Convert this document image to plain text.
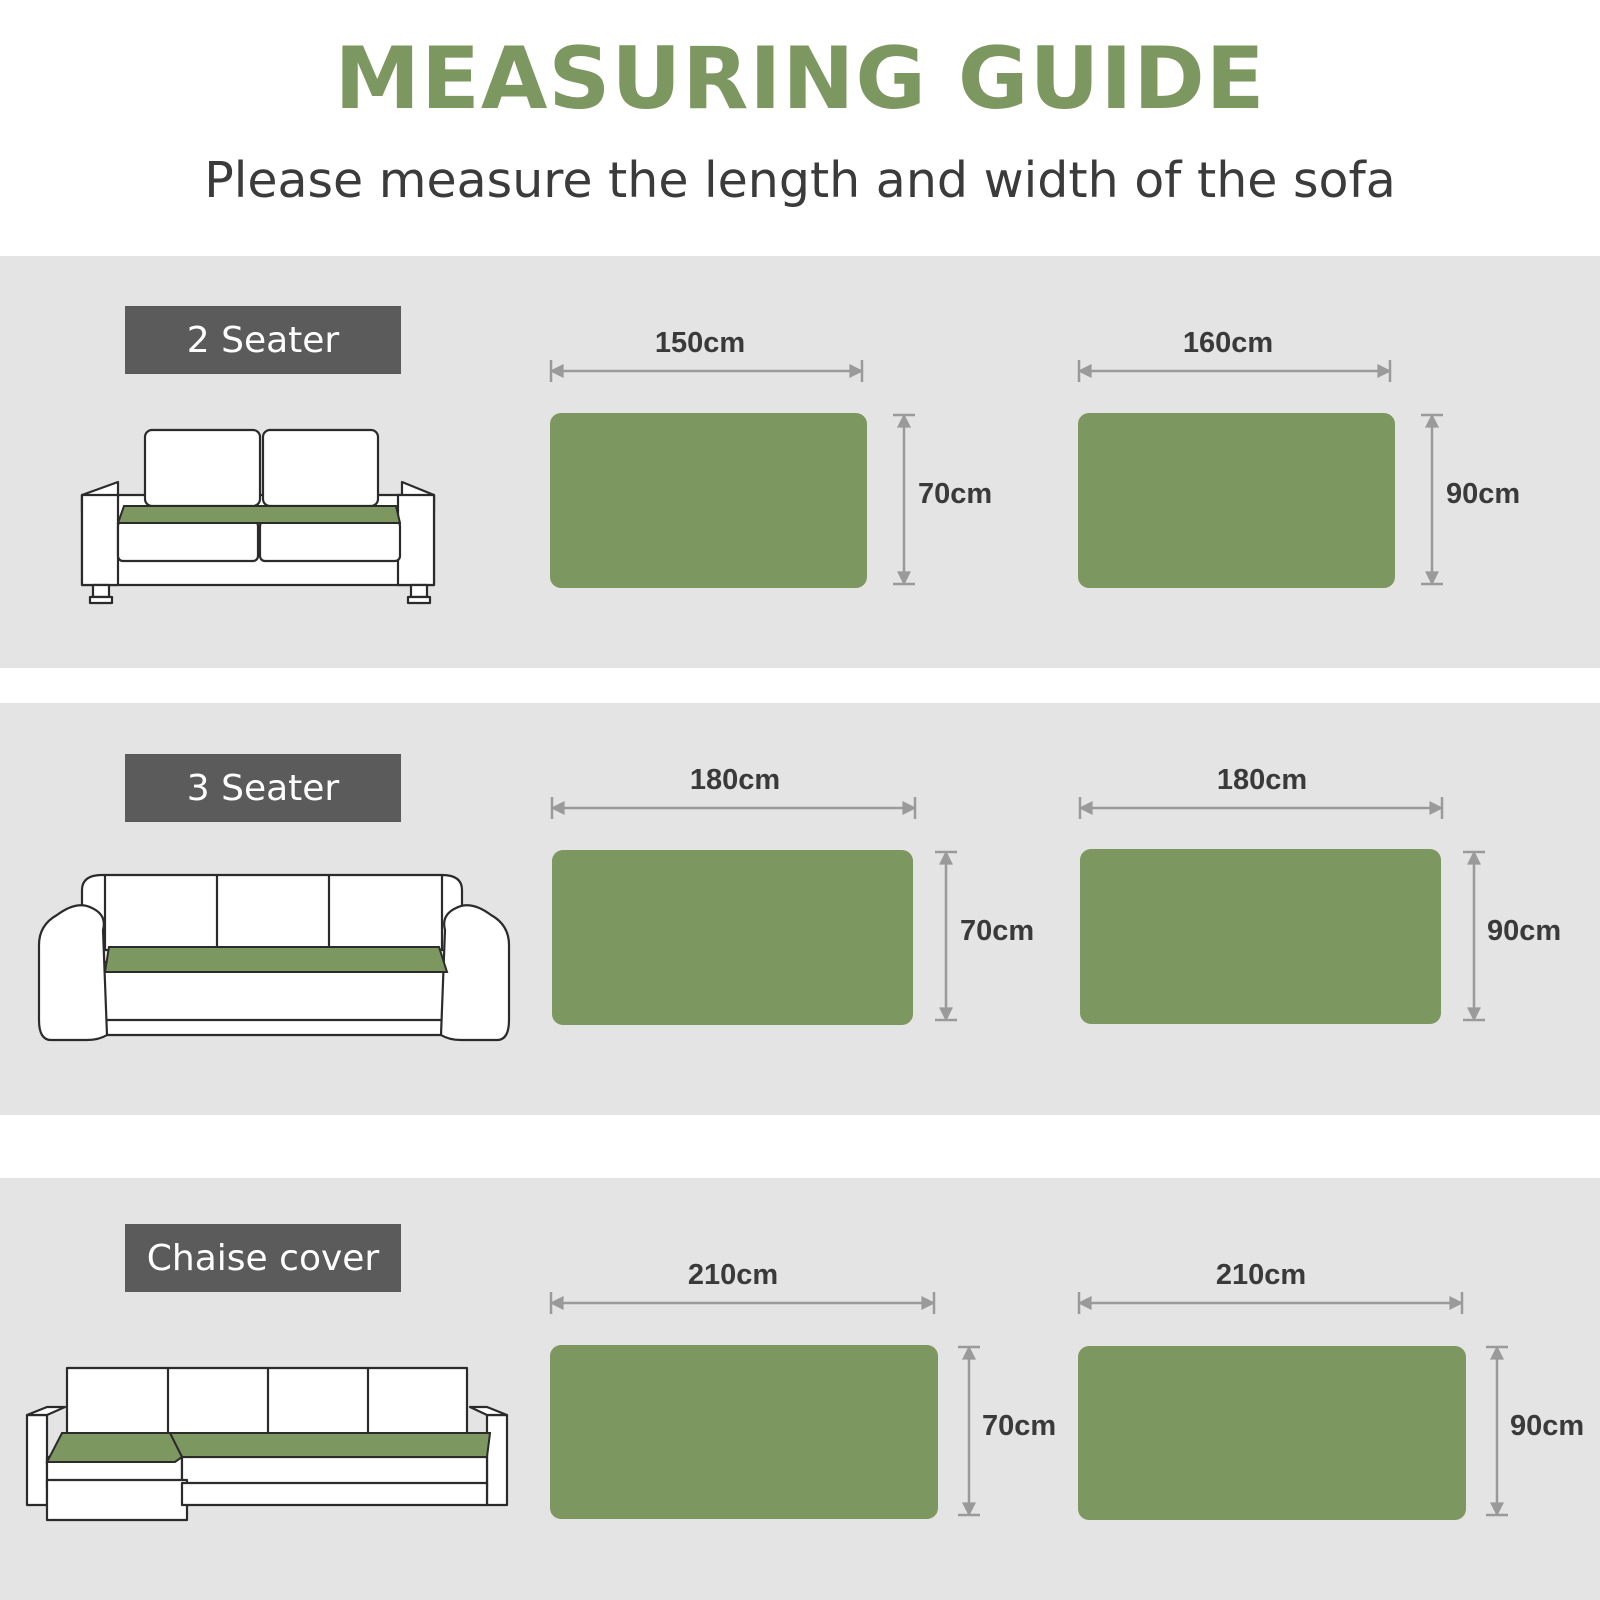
MEASURING GUIDE
Please measure the length and width of the sofa
2 Seater	150cm	160cm
70cm	90cm
3 Seater	180cm	180cm
70cm	90cm
Chaise cover	210cm	210cm
70cm	90cm
